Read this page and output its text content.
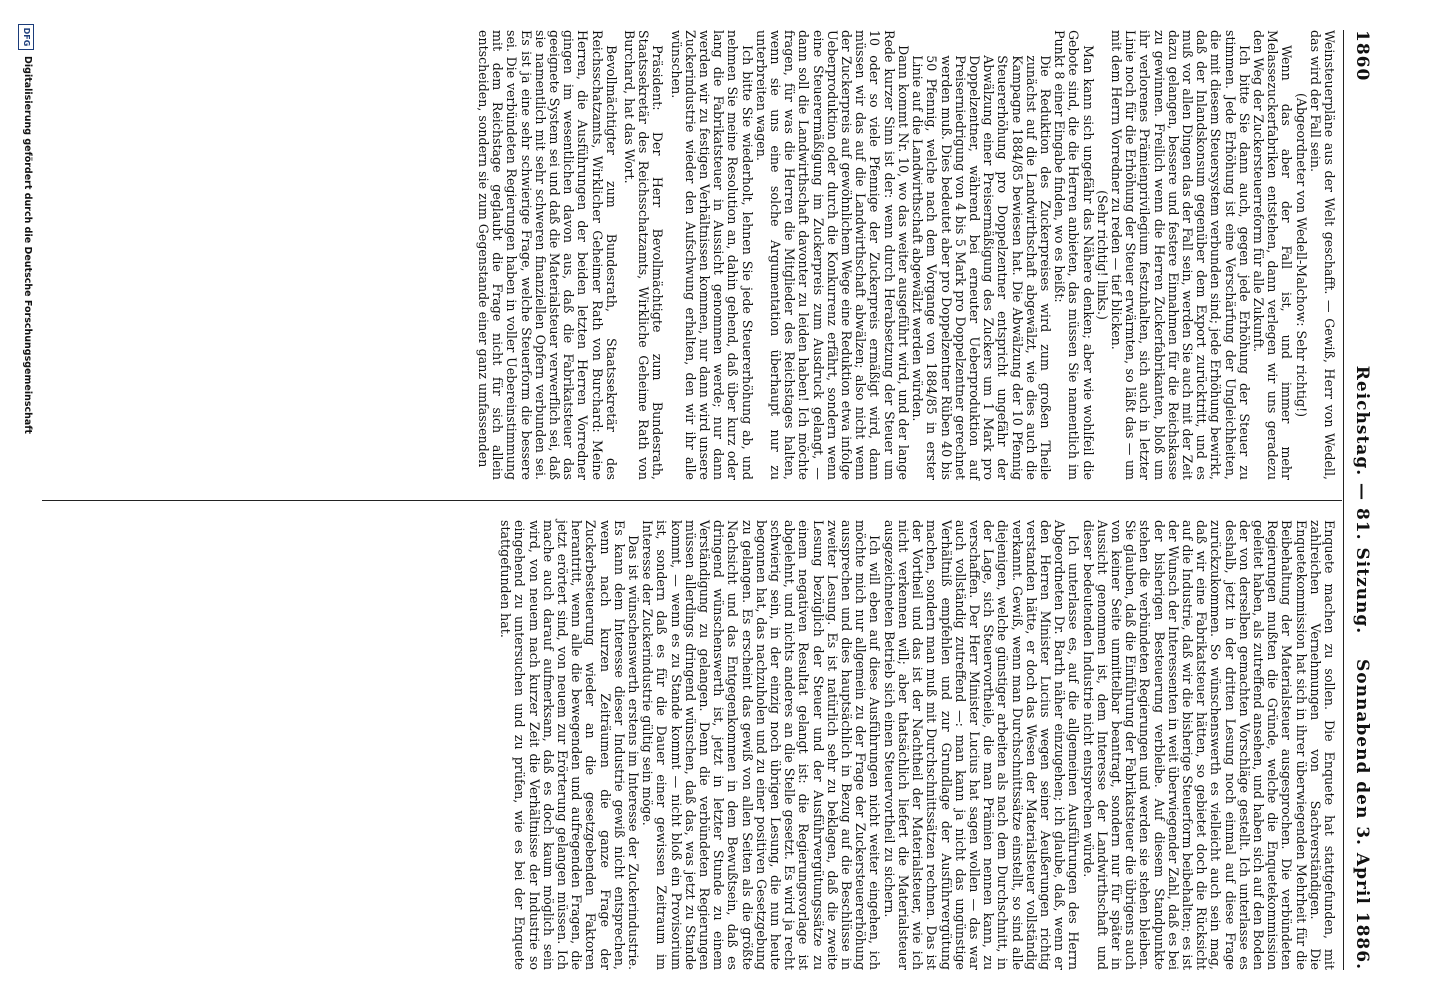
1860
Reichstag. — 81. Sitzung.
Sonnabend den 3. April 1886.

Weinsteuerpläne aus der Welt geschafft. — Gewiß, Herr von Wedell, das wird der Fall sein.

(Abgeordneter von Wedell-Malchow: Sehr richtig!)

Wenn das aber der Fall ist, und immer mehr Melassezuckerfabriken entstehen, dann verlegen wir uns geradezu den Weg der Zuckersteuerreform für alle Zukunft.

Ich bitte Sie dann auch, gegen jede Erhöhung der Steuer zu stimmen. Jede Erhöhung ist eine Verschärfung der Ungleichheiten, die mit diesem Steuersystem verbunden sind; jede Erhöhung bewirkt, daß der Inlandskonsum gegenüber dem Export zurücktritt, und es muß vor allen Dingen das der Fall sein, werden Sie auch mit der Zeit dazu gelangen, bessere und festere Einnahmen für die Reichskasse zu gewinnen. Freilich wenn die Herren Zuckerfabrikanten, bloß um ihr verlorenes Prämienprivilegium festzuhalten, sich auch in letzter Linie noch für die Erhöhung der Steuer erwärmten, so läßt das — um mit dem Herrn Vorredner zu reden — tief blicken.

(Sehr richtig! links.)

Man kann sich ungefähr das Nähere denken; aber wie wohlfeil die Gebote sind, die die Herren anbieten, das müssen Sie namentlich im Punkt 8 einer Eingabe finden, wo es heißt:

Die Reduktion des Zuckerpreises wird zum großen Theile zunächst auf die Landwirthschaft abgewälzt, wie dies auch die Kampagne 1884/85 bewiesen hat. Die Abwälzung der 10 Pfennig Steuererhöhung pro Doppelzentner entspricht ungefähr der Abwälzung einer Preisermäßigung des Zuckers um 1 Mark pro Doppelzentner, während bei erneuter Ueberproduktion auf Preiserniedrigung von 4 bis 5 Mark pro Doppelzentner gerechnet werden muß. Dies bedeutet aber pro Doppelzentner Rüben 40 bis 50 Pfennig, welche nach dem Vorgange von 1884/85 in erster Linie auf die Landwirthschaft abgewälzt werden würden.

Dann kommt Nr. 10, wo das weiter ausgeführt wird, und der lange Rede kurzer Sinn ist der: wenn durch Herabsetzung der Steuer um 10 oder so viele Pfennige der Zuckerpreis ermäßigt wird, dann müssen wir das auf die Landwirthschaft abwälzen; also nicht wenn der Zuckerpreis auf gewöhnlichem Wege eine Reduktion etwa infolge Ueberproduktion oder durch die Konkurrenz erfährt, sondern wenn eine Steuerermäßigung im Zuckerpreis zum Ausdruck gelangt, — dann soll die Landwirthschaft davonter zu leiden haben! Ich möchte fragen, für was die Herren die Mitglieder des Reichstages halten, wenn sie uns eine solche Argumentation überhaupt nur zu unterbreiten wagen.

Ich bitte Sie wiederholt, lehnen Sie jede Steuererhöhung ab, und nehmen Sie meine Resolution an, dahin gehend, daß über kurz oder lang die Fabrikatsteuer in Aussicht genommen werde; nur dann werden wir zu festigen Verhältnissen kommen, nur dann wird unsere Zuckerindustrie wieder den Aufschwung erhalten, den wir ihr alle wünschen.

Präsident: Der Herr Bevollmächtigte zum Bundesrath, Staatssekretär des Reichsschatzamts, Wirkliche Geheime Rath von Burchard, hat das Wort.

Bevollmächtigter zum Bundesrath, Staatssekretär des Reichsschatzamts, Wirklicher Geheimer Rath von Burchard: Meine Herren, die Ausführungen der beiden letzten Herren Vorredner gingen im wesentlichen davon aus, daß die Fabrikatsteuer das geeignete System sei und daß die Materialsteuer verwerflich sei, daß sie namentlich mit sehr schweren finanziellen Opfern verbunden sei. Es ist ja eine sehr schwierige Frage, welche Steuerform die bessere sei. Die verbündeten Regierungen haben in voller Uebereinstimmung mit dem Reichstage geglaubt die Frage nicht für sich allein entscheiden, sondern sie zum Gegenstande einer ganz umfassenden

Enquete machen zu sollen. Die Enquete hat stattgefunden, mit zahlreichen Vernehmungen von Sachverständigen. Die Enquetekommission hat sich in ihrer überwiegenden Mehrheit für die Beibehaltung der Materialsteuer ausgesprochen. Die verbündeten Regierungen mußten die Gründe, welche die Enquetekommission geleitet haben, als zutreffend ansehen, und haben sich auf den Boden der von derselben gemachten Vorschläge gestellt. Ich unterlasse es deshalb, jetzt in der dritten Lesung noch einmal auf diese Frage zurückzukommen. So wünschenswerth es vielleicht auch sein mag, daß wir eine Fabrikatsteuer hätten, so gebietet doch die Rücksicht auf die Industrie, daß wir die bisherige Steuerform beibehalten; es ist der Wunsch der Interessenten in weit überwiegender Zahl, daß es bei der bisherigen Besteuerung verbleibe. Auf diesem Standpunkte stehen die verbündeten Regierungen und werden sie stehen bleiben. Sie glauben, daß die Einführung der Fabrikatsteuer die übrigens auch von keiner Seite unmittelbar beantragt, sondern nur für später in Aussicht genommen ist, dem Interesse der Landwirthschaft und dieser bedeutenden Industrie nicht entsprechen würde.

Ich unterlasse es, auf die allgemeinen Ausführungen des Herrn Abgeordneten Dr. Barth näher einzugehen; ich glaube, daß, wenn er den Herren Minister Lucius wegen seiner Aeußerungen richtig verstanden hätte, er doch das Wesen der Materialsteuer vollständig verkannt. Gewiß, wenn man Durchschnittssätze einstellt, so sind alle diejenigen, welche günstiger arbeiten als nach dem Durchschnitt, in der Lage, sich Steuervortheile, die man Prämien nennen kann, zu verschaffen. Der Herr Minister Lucius hat sagen wollen — das war auch vollständig zutreffend —: man kann ja nicht das ungünstige Verhältniß empfehlen und zur Grundlage der Ausführvergütung machen, sondern man muß mit Durchschnittssätzen rechnen. Das ist der Vortheil und das ist der Nachtheil der Materialsteuer, wie ich nicht verkennen will; aber thatsächlich liefert die Materialsteuer ausgezeichneten Betrieb sich einen Steuervortheil zu sichern.

Ich will eben auf diese Ausführungen nicht weiter eingehen, ich möchte mich nur allgemein zu der Frage der Zuckersteuererhöhung aussprechen und dies hauptsächlich in Bezug auf die Beschlüsse in zweiter Lesung. Es ist natürlich sehr zu beklagen, daß die zweite Lesung bezüglich der Steuer und der Ausführvergütungssätze zu einem negativen Resultat gelangt ist: die Regierungsvorlage ist abgelehnt, und nichts anderes an die Stelle gesetzt. Es wird ja recht schwierig sein, in der einzig noch übrigen Lesung, die nun heute begonnen hat, das nachzuholen und zu einer positiven Gesetzgebung zu gelangen. Es erscheint das gewiß von allen Seiten als die größte Nachsicht und das Entgegenkommen in dem Bewußtsein, daß es dringend wünschenswerth ist, jetzt in letzter Stunde zu einem Verständigung zu gelangen. Denn die verbündeten Regierungen müssen allerdings dringend wünschen, daß das, was jetzt zu Stande kommt, — wenn es zu Stande kommt — nicht bloß ein Provisorium ist, sondern daß es für die Dauer einer gewissen Zeitraum im Interesse der Zuckerindustrie gültig sein möge.

Das ist wünschenswerth erstens im Interesse der Zuckerindustrie. Es kann dem Interesse dieser Industrie gewiß nicht entsprechen, wenn nach kurzen Zeiträumen die ganze Frage der Zuckerbesteuerung wieder an die gesetzgebenden Faktoren herantritt, wenn alle die bewegenden und aufregenden Fragen, die jetzt erörtert sind, von neuem zur Erörterung gelangen müssen. Ich mache auch darauf aufmerksam, daß es doch kaum möglich sein wird, von neuem nach kurzer Zeit die Verhältnisse der Industrie so eingehend zu untersuchen und zu prüfen, wie es bei der Enquete stattgefunden hat.

DFG
Digitalisierung gefördert durch die Deutsche Forschungsgemeinschaft
